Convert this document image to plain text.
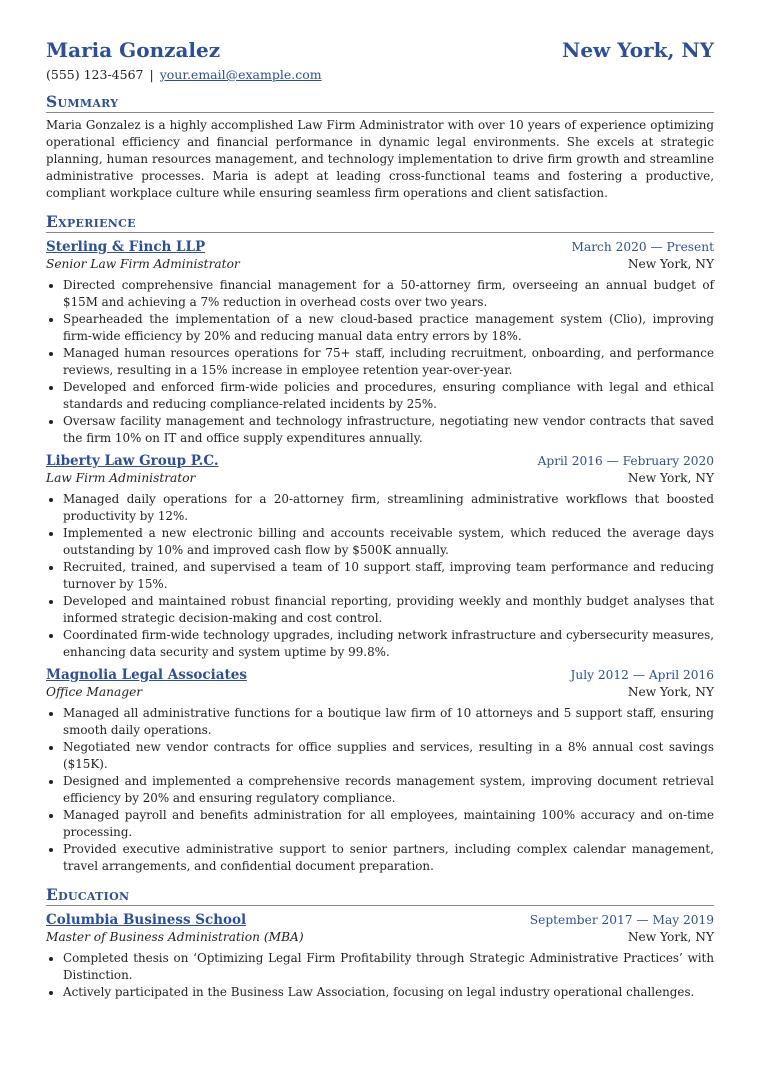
Maria Gonzalez	New York, NY
(555) 123-4567 | your.email@example.com
Summary
Maria Gonzalez is a highly accomplished Law Firm Administrator with over 10 years of experience optimizing operational efficiency and financial performance in dynamic legal environments. She excels at strategic planning, human resources management, and technology implementation to drive firm growth and streamline administrative processes. Maria is adept at leading cross-functional teams and fostering a productive, compliant workplace culture while ensuring seamless firm operations and client satisfaction.
Experience
Sterling & Finch LLP	March 2020 — Present
Senior Law Firm Administrator	New York, NY
• Directed comprehensive financial management for a 50-attorney firm, overseeing an annual budget of $15M and achieving a 7% reduction in overhead costs over two years.
• Spearheaded the implementation of a new cloud-based practice management system (Clio), improving firm-wide efficiency by 20% and reducing manual data entry errors by 18%.
• Managed human resources operations for 75+ staff, including recruitment, onboarding, and performance reviews, resulting in a 15% increase in employee retention year-over-year.
• Developed and enforced firm-wide policies and procedures, ensuring compliance with legal and ethical standards and reducing compliance-related incidents by 25%.
• Oversaw facility management and technology infrastructure, negotiating new vendor contracts that saved the firm 10% on IT and office supply expenditures annually.
Liberty Law Group P.C.	April 2016 — February 2020
Law Firm Administrator	New York, NY
• Managed daily operations for a 20-attorney firm, streamlining administrative workflows that boosted productivity by 12%.
• Implemented a new electronic billing and accounts receivable system, which reduced the average days outstanding by 10% and improved cash flow by $500K annually.
• Recruited, trained, and supervised a team of 10 support staff, improving team performance and reducing turnover by 15%.
• Developed and maintained robust financial reporting, providing weekly and monthly budget analyses that informed strategic decision-making and cost control.
• Coordinated firm-wide technology upgrades, including network infrastructure and cybersecurity measures, enhancing data security and system uptime by 99.8%.
Magnolia Legal Associates	July 2012 — April 2016
Office Manager	New York, NY
• Managed all administrative functions for a boutique law firm of 10 attorneys and 5 support staff, ensuring smooth daily operations.
• Negotiated new vendor contracts for office supplies and services, resulting in a 8% annual cost savings ($15K).
• Designed and implemented a comprehensive records management system, improving document retrieval efficiency by 20% and ensuring regulatory compliance.
• Managed payroll and benefits administration for all employees, maintaining 100% accuracy and on-time processing.
• Provided executive administrative support to senior partners, including complex calendar management, travel arrangements, and confidential document preparation.
Education
Columbia Business School	September 2017 — May 2019
Master of Business Administration (MBA)	New York, NY
• Completed thesis on ‘Optimizing Legal Firm Profitability through Strategic Administrative Practices’ with Distinction.
• Actively participated in the Business Law Association, focusing on legal industry operational challenges.
